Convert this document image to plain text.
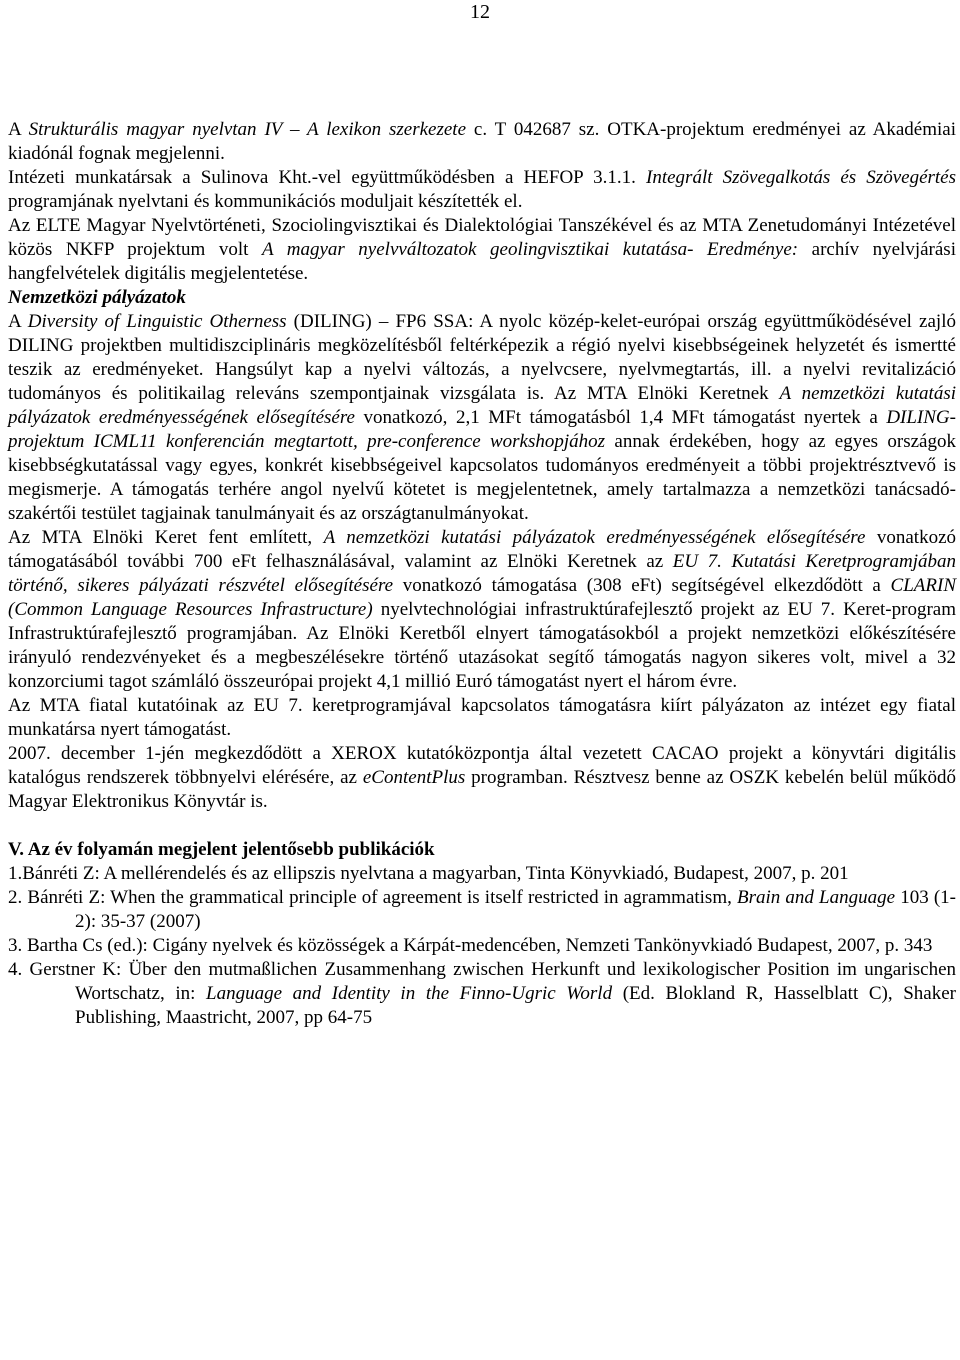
12

A Strukturális magyar nyelvtan IV – A lexikon szerkezete c. T 042687 sz. OTKA-projektum eredményei az Akadémiai kiadónál fognak megjelenni.

Intézeti munkatársak a Sulinova Kht.-vel együttműködésben a HEFOP 3.1.1. Integrált Szövegalkotás és Szövegértés programjának nyelvtani és kommunikációs moduljait készítették el.

Az ELTE Magyar Nyelvtörténeti, Szociolingvisztikai és Dialektológiai Tanszékével és az MTA Zenetudományi Intézetével közös NKFP projektum volt A magyar nyelvváltozatok geolingvisztikai kutatása- Eredménye: archív nyelvjárási hangfelvételek digitális megjelentetése.

Nemzetközi pályázatok

A Diversity of Linguistic Otherness (DILING) – FP6 SSA: A nyolc közép-kelet-európai ország együttműködésével zajló DILING projektben multidiszciplináris megközelítésből feltérképezik a régió nyelvi kisebbségeinek helyzetét és ismertté teszik az eredményeket. Hangsúlyt kap a nyelvi változás, a nyelvcsere, nyelvmegtartás, ill. a nyelvi revitalizáció tudományos és politikailag releváns szempontjainak vizsgálata is. Az MTA Elnöki Keretnek A nemzetközi kutatási pályázatok eredményességének elősegítésére vonatkozó, 2,1 MFt támogatásból 1,4 MFt támogatást nyertek a DILING-projektum ICML11 konferencián megtartott, pre-conference workshopjához annak érdekében, hogy az egyes országok kisebbségkutatással vagy egyes, konkrét kisebbségeivel kapcsolatos tudományos eredményeit a többi projektrésztvevő is megismerje. A támogatás terhére angol nyelvű kötetet is megjelentetnek, amely tartalmazza a nemzetközi tanácsadó-szakértői testület tagjainak tanulmányait és az országtanulmányokat.

Az MTA Elnöki Keret fent említett, A nemzetközi kutatási pályázatok eredményességének elősegítésére vonatkozó támogatásából további 700 eFt felhasználásával, valamint az Elnöki Keretnek az EU 7. Kutatási Keretprogramjában történő, sikeres pályázati részvétel elősegítésére vonatkozó támogatása (308 eFt) segítségével elkezdődött a CLARIN (Common Language Resources Infrastructure) nyelvtechnológiai infrastruktúrafejlesztő projekt az EU 7. Keret-program Infrastruktúrafejlesztő programjában. Az Elnöki Keretből elnyert támogatásokból a projekt nemzetközi előkészítésére irányuló rendezvényeket és a megbeszélésekre történő utazásokat segítő támogatás nagyon sikeres volt, mivel a 32 konzorciumi tagot számláló összeurópai projekt 4,1 millió Euró támogatást nyert el három évre.

Az MTA fiatal kutatóinak az EU 7. keretprogramjával kapcsolatos támogatásra kiírt pályázaton az intézet egy fiatal munkatársa nyert támogatást.

2007. december 1-jén megkezdődött a XEROX kutatóközpontja által vezetett CACAO projekt a könyvtári digitális katalógus rendszerek többnyelvi elérésére, az eContentPlus programban. Résztvesz benne az OSZK kebelén belül működő Magyar Elektronikus Könyvtár is.

V. Az év folyamán megjelent jelentősebb publikációk

1.Bánréti Z: A mellérendelés és az ellipszis nyelvtana a magyarban, Tinta Könyvkiadó, Budapest, 2007, p. 201

2. Bánréti Z: When the grammatical principle of agreement is itself restricted in agrammatism, Brain and Language 103 (1-2): 35-37 (2007)

3. Bartha Cs (ed.): Cigány nyelvek és közösségek a Kárpát-medencében, Nemzeti Tankönyvkiadó Budapest, 2007, p. 343

4. Gerstner K: Über den mutmaßlichen Zusammenhang zwischen Herkunft und lexikologischer Position im ungarischen Wortschatz, in: Language and Identity in the Finno-Ugric World (Ed. Blokland R, Hasselblatt C), Shaker Publishing, Maastricht, 2007, pp 64-75
